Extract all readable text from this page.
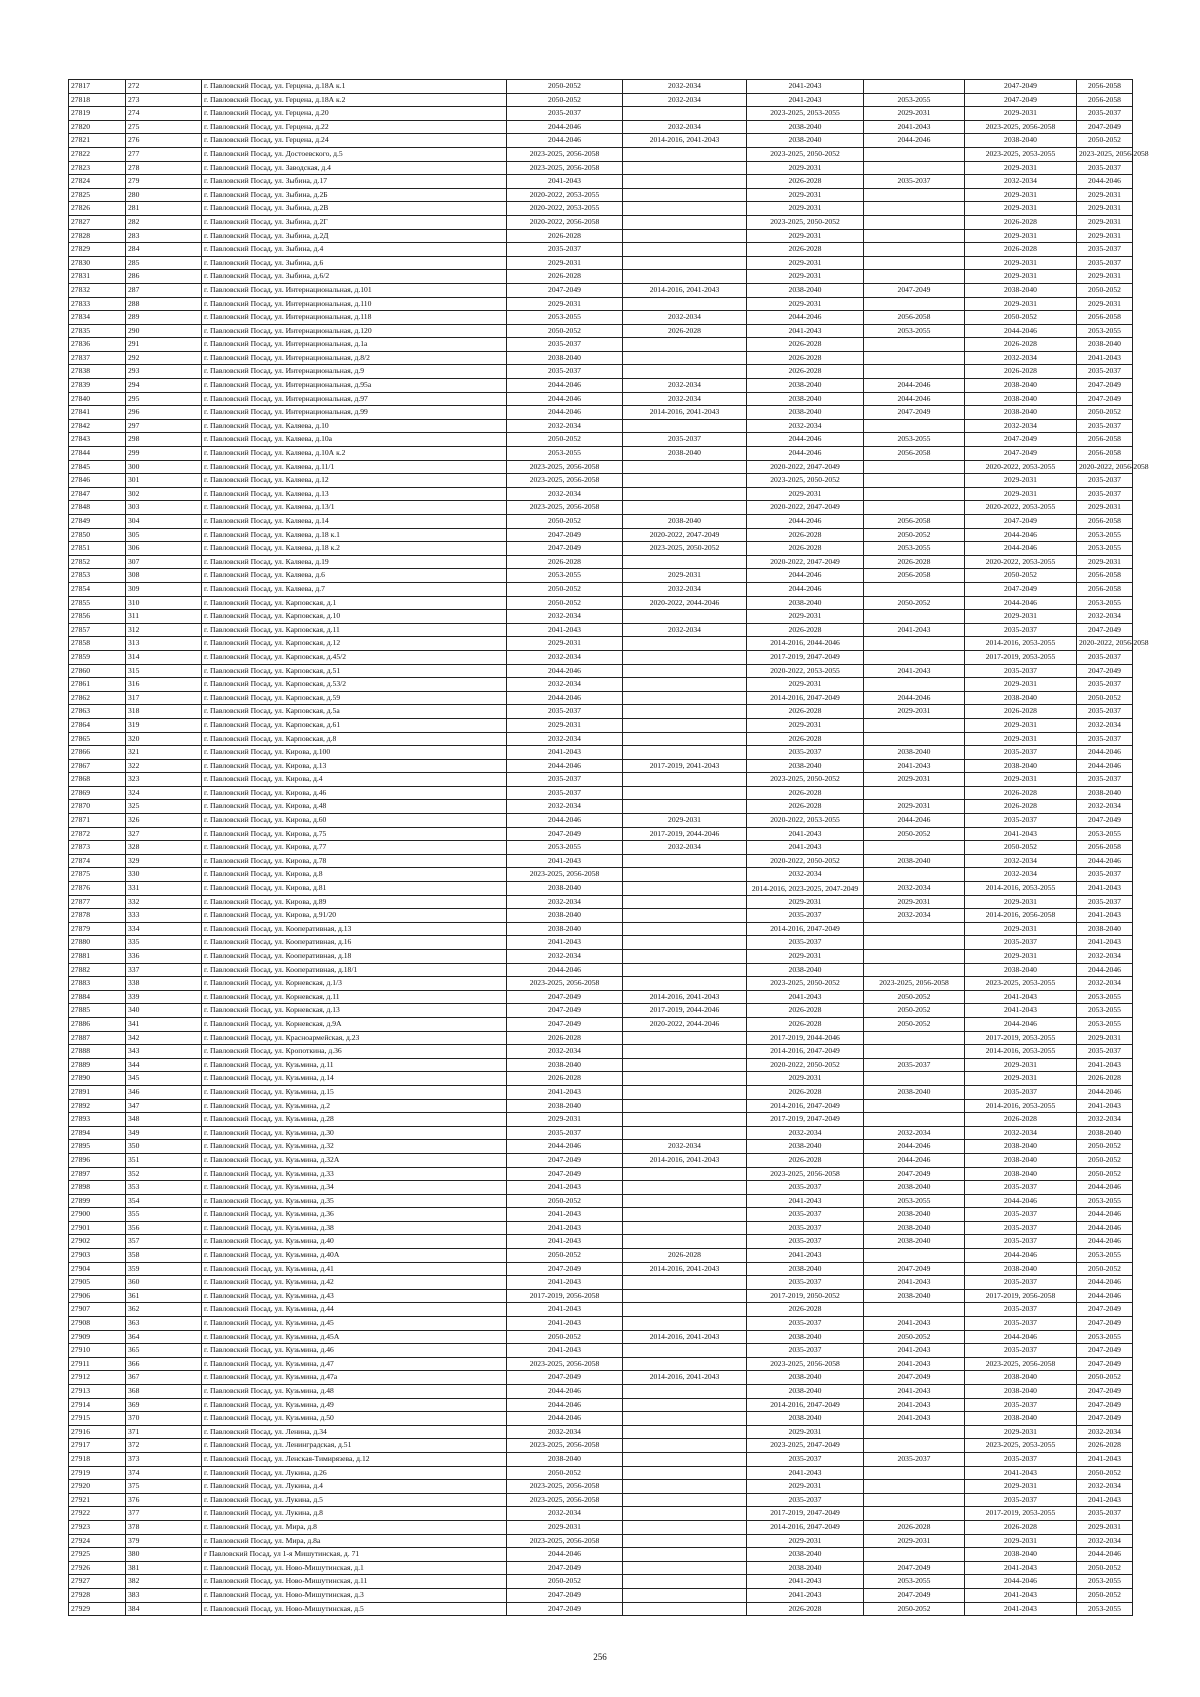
27817	272	г. Павловский Посад, ул. Герцена, д.18А к.1	2050-2052	2032-2034	2041-2043		2047-2049	2056-2058
27818	273	г. Павловский Посад, ул. Герцена, д.18А к.2	2050-2052	2032-2034	2041-2043	2053-2055	2047-2049	2056-2058
27819	274	г. Павловский Посад, ул. Герцена, д.20	2035-2037		2023-2025, 2053-2055	2029-2031	2029-2031	2035-2037
27820	275	г. Павловский Посад, ул. Герцена, д.22	2044-2046	2032-2034	2038-2040	2041-2043	2023-2025, 2056-2058	2047-2049
27821	276	г. Павловский Посад, ул. Герцена, д.24	2044-2046	2014-2016, 2041-2043	2038-2040	2044-2046	2038-2040	2050-2052
27822	277	г. Павловский Посад, ул. Достоевского, д.5	2023-2025, 2056-2058		2023-2025, 2050-2052		2023-2025, 2053-2055	2023-2025, 2056-2058
27823	278	г. Павловский Посад, ул. Заводская, д.4	2023-2025, 2056-2058		2029-2031		2029-2031	2035-2037
27824	279	г. Павловский Посад, ул. Зыбина, д.17	2041-2043		2026-2028	2035-2037	2032-2034	2044-2046
27825	280	г. Павловский Посад, ул. Зыбина, д.2Б	2020-2022, 2053-2055		2029-2031		2029-2031	2029-2031
27826	281	г. Павловский Посад, ул. Зыбина, д.2В	2020-2022, 2053-2055		2029-2031		2029-2031	2029-2031
27827	282	г. Павловский Посад, ул. Зыбина, д.2Г	2020-2022, 2056-2058		2023-2025, 2050-2052		2026-2028	2029-2031
27828	283	г. Павловский Посад, ул. Зыбина, д.2Д	2026-2028		2029-2031		2029-2031	2029-2031
27829	284	г. Павловский Посад, ул. Зыбина, д.4	2035-2037		2026-2028		2026-2028	2035-2037
27830	285	г. Павловский Посад, ул. Зыбина, д.6	2029-2031		2029-2031		2029-2031	2035-2037
27831	286	г. Павловский Посад, ул. Зыбина, д.6/2	2026-2028		2029-2031		2029-2031	2029-2031
27832	287	г. Павловский Посад, ул. Интернациональная, д.101	2047-2049	2014-2016, 2041-2043	2038-2040	2047-2049	2038-2040	2050-2052
27833	288	г. Павловский Посад, ул. Интернациональная, д.110	2029-2031		2029-2031		2029-2031	2029-2031
27834	289	г. Павловский Посад, ул. Интернациональная, д.118	2053-2055	2032-2034	2044-2046	2056-2058	2050-2052	2056-2058
27835	290	г. Павловский Посад, ул. Интернациональная, д.120	2050-2052	2026-2028	2041-2043	2053-2055	2044-2046	2053-2055
27836	291	г. Павловский Посад, ул. Интернациональная, д.1а	2035-2037		2026-2028		2026-2028	2038-2040
27837	292	г. Павловский Посад, ул. Интернациональная, д.8/2	2038-2040		2026-2028		2032-2034	2041-2043
27838	293	г. Павловский Посад, ул. Интернациональная, д.9	2035-2037		2026-2028		2026-2028	2035-2037
27839	294	г. Павловский Посад, ул. Интернациональная, д.95а	2044-2046	2032-2034	2038-2040	2044-2046	2038-2040	2047-2049
27840	295	г. Павловский Посад, ул. Интернациональная, д.97	2044-2046	2032-2034	2038-2040	2044-2046	2038-2040	2047-2049
27841	296	г. Павловский Посад, ул. Интернациональная, д.99	2044-2046	2014-2016, 2041-2043	2038-2040	2047-2049	2038-2040	2050-2052
27842	297	г. Павловский Посад, ул. Каляева, д.10	2032-2034		2032-2034		2032-2034	2035-2037
27843	298	г. Павловский Посад, ул. Каляева, д.10а	2050-2052	2035-2037	2044-2046	2053-2055	2047-2049	2056-2058
27844	299	г. Павловский Посад, ул. Каляева, д.10А к.2	2053-2055	2038-2040	2044-2046	2056-2058	2047-2049	2056-2058
27845	300	г. Павловский Посад, ул. Каляева, д.11/1	2023-2025, 2056-2058		2020-2022, 2047-2049		2020-2022, 2053-2055	2020-2022, 2056-2058
27846	301	г. Павловский Посад, ул. Каляева, д.12	2023-2025, 2056-2058		2023-2025, 2050-2052		2029-2031	2035-2037
27847	302	г. Павловский Посад, ул. Каляева, д.13	2032-2034		2029-2031		2029-2031	2035-2037
27848	303	г. Павловский Посад, ул. Каляева, д.13/1	2023-2025, 2056-2058		2020-2022, 2047-2049		2020-2022, 2053-2055	2029-2031
27849	304	г. Павловский Посад, ул. Каляева, д.14	2050-2052	2038-2040	2044-2046	2056-2058	2047-2049	2056-2058
27850	305	г. Павловский Посад, ул. Каляева, д.18 к.1	2047-2049	2020-2022, 2047-2049	2026-2028	2050-2052	2044-2046	2053-2055
27851	306	г. Павловский Посад, ул. Каляева, д.18 к.2	2047-2049	2023-2025, 2050-2052	2026-2028	2053-2055	2044-2046	2053-2055
27852	307	г. Павловский Посад, ул. Каляева, д.19	2026-2028		2020-2022, 2047-2049	2026-2028	2020-2022, 2053-2055	2029-2031
27853	308	г. Павловский Посад, ул. Каляева, д.6	2053-2055	2029-2031	2044-2046	2056-2058	2050-2052	2056-2058
27854	309	г. Павловский Посад, ул. Каляева, д.7	2050-2052	2032-2034	2044-2046		2047-2049	2056-2058
27855	310	г. Павловский Посад, ул. Карповская, д.1	2050-2052	2020-2022, 2044-2046	2038-2040	2050-2052	2044-2046	2053-2055
27856	311	г. Павловский Посад, ул. Карповская, д.10	2032-2034		2029-2031		2029-2031	2032-2034
27857	312	г. Павловский Посад, ул. Карповская, д.11	2041-2043	2032-2034	2026-2028	2041-2043	2035-2037	2047-2049
27858	313	г. Павловский Посад, ул. Карповская, д.12	2029-2031		2014-2016, 2044-2046		2014-2016, 2053-2055	2020-2022, 2056-2058
27859	314	г. Павловский Посад, ул. Карповская, д.45/2	2032-2034		2017-2019, 2047-2049		2017-2019, 2053-2055	2035-2037
27860	315	г. Павловский Посад, ул. Карповская, д.51	2044-2046		2020-2022, 2053-2055	2041-2043	2035-2037	2047-2049
27861	316	г. Павловский Посад, ул. Карповская, д.53/2	2032-2034		2029-2031		2029-2031	2035-2037
27862	317	г. Павловский Посад, ул. Карповская, д.59	2044-2046		2014-2016, 2047-2049	2044-2046	2038-2040	2050-2052
27863	318	г. Павловский Посад, ул. Карповская, д.5а	2035-2037		2026-2028	2029-2031	2026-2028	2035-2037
27864	319	г. Павловский Посад, ул. Карповская, д.61	2029-2031		2029-2031		2029-2031	2032-2034
27865	320	г. Павловский Посад, ул. Карповская, д.8	2032-2034		2026-2028		2029-2031	2035-2037
27866	321	г. Павловский Посад, ул. Кирова, д.100	2041-2043		2035-2037	2038-2040	2035-2037	2044-2046
27867	322	г. Павловский Посад, ул. Кирова, д.13	2044-2046	2017-2019, 2041-2043	2038-2040	2041-2043	2038-2040	2044-2046
27868	323	г. Павловский Посад, ул. Кирова, д.4	2035-2037		2023-2025, 2050-2052	2029-2031	2029-2031	2035-2037
27869	324	г. Павловский Посад, ул. Кирова, д.46	2035-2037		2026-2028		2026-2028	2038-2040
27870	325	г. Павловский Посад, ул. Кирова, д.48	2032-2034		2026-2028	2029-2031	2026-2028	2032-2034
27871	326	г. Павловский Посад, ул. Кирова, д.60	2044-2046	2029-2031	2020-2022, 2053-2055	2044-2046	2035-2037	2047-2049
27872	327	г. Павловский Посад, ул. Кирова, д.75	2047-2049	2017-2019, 2044-2046	2041-2043	2050-2052	2041-2043	2053-2055
27873	328	г. Павловский Посад, ул. Кирова, д.77	2053-2055	2032-2034	2041-2043		2050-2052	2056-2058
27874	329	г. Павловский Посад, ул. Кирова, д.78	2041-2043		2020-2022, 2050-2052	2038-2040	2032-2034	2044-2046
27875	330	г. Павловский Посад, ул. Кирова, д.8	2023-2025, 2056-2058		2032-2034		2032-2034	2035-2037
27876	331	г. Павловский Посад, ул. Кирова, д.81	2038-2040		2014-2016, 2023-2025, 2047-2049	2032-2034	2014-2016, 2053-2055	2041-2043
27877	332	г. Павловский Посад, ул. Кирова, д.89	2032-2034		2029-2031	2029-2031	2029-2031	2035-2037
27878	333	г. Павловский Посад, ул. Кирова, д.91/20	2038-2040		2035-2037	2032-2034	2014-2016, 2056-2058	2041-2043
27879	334	г. Павловский Посад, ул. Кооперативная, д.13	2038-2040		2014-2016, 2047-2049		2029-2031	2038-2040
27880	335	г. Павловский Посад, ул. Кооперативная, д.16	2041-2043		2035-2037		2035-2037	2041-2043
27881	336	г. Павловский Посад, ул. Кооперативная, д.18	2032-2034		2029-2031		2029-2031	2032-2034
27882	337	г. Павловский Посад, ул. Кооперативная, д.18/1	2044-2046		2038-2040		2038-2040	2044-2046
27883	338	г. Павловский Посад, ул. Корневская, д.1/3	2023-2025, 2056-2058		2023-2025, 2050-2052	2023-2025, 2056-2058	2023-2025, 2053-2055	2032-2034
27884	339	г. Павловский Посад, ул. Корневская, д.11	2047-2049	2014-2016, 2041-2043	2041-2043	2050-2052	2041-2043	2053-2055
27885	340	г. Павловский Посад, ул. Корневская, д.13	2047-2049	2017-2019, 2044-2046	2026-2028	2050-2052	2041-2043	2053-2055
27886	341	г. Павловский Посад, ул. Корневская, д.9А	2047-2049	2020-2022, 2044-2046	2026-2028	2050-2052	2044-2046	2053-2055
27887	342	г. Павловский Посад, ул. Красноармейская, д.23	2026-2028		2017-2019, 2044-2046		2017-2019, 2053-2055	2029-2031
27888	343	г. Павловский Посад, ул. Кропоткина, д.36	2032-2034		2014-2016, 2047-2049		2014-2016, 2053-2055	2035-2037
27889	344	г. Павловский Посад, ул. Кузьмина, д.11	2038-2040		2020-2022, 2050-2052	2035-2037	2029-2031	2041-2043
27890	345	г. Павловский Посад, ул. Кузьмина, д.14	2026-2028		2029-2031		2029-2031	2026-2028
27891	346	г. Павловский Посад, ул. Кузьмина, д.15	2041-2043		2026-2028	2038-2040	2035-2037	2044-2046
27892	347	г. Павловский Посад, ул. Кузьмина, д.2	2038-2040		2014-2016, 2047-2049		2014-2016, 2053-2055	2041-2043
27893	348	г. Павловский Посад, ул. Кузьмина, д.28	2029-2031		2017-2019, 2047-2049		2026-2028	2032-2034
27894	349	г. Павловский Посад, ул. Кузьмина, д.30	2035-2037		2032-2034	2032-2034	2032-2034	2038-2040
27895	350	г. Павловский Посад, ул. Кузьмина, д.32	2044-2046	2032-2034	2038-2040	2044-2046	2038-2040	2050-2052
27896	351	г. Павловский Посад, ул. Кузьмина, д.32А	2047-2049	2014-2016, 2041-2043	2026-2028	2044-2046	2038-2040	2050-2052
27897	352	г. Павловский Посад, ул. Кузьмина, д.33	2047-2049		2023-2025, 2056-2058	2047-2049	2038-2040	2050-2052
27898	353	г. Павловский Посад, ул. Кузьмина, д.34	2041-2043		2035-2037	2038-2040	2035-2037	2044-2046
27899	354	г. Павловский Посад, ул. Кузьмина, д.35	2050-2052		2041-2043	2053-2055	2044-2046	2053-2055
27900	355	г. Павловский Посад, ул. Кузьмина, д.36	2041-2043		2035-2037	2038-2040	2035-2037	2044-2046
27901	356	г. Павловский Посад, ул. Кузьмина, д.38	2041-2043		2035-2037	2038-2040	2035-2037	2044-2046
27902	357	г. Павловский Посад, ул. Кузьмина, д.40	2041-2043		2035-2037	2038-2040	2035-2037	2044-2046
27903	358	г. Павловский Посад, ул. Кузьмина, д.40А	2050-2052	2026-2028	2041-2043		2044-2046	2053-2055
27904	359	г. Павловский Посад, ул. Кузьмина, д.41	2047-2049	2014-2016, 2041-2043	2038-2040	2047-2049	2038-2040	2050-2052
27905	360	г. Павловский Посад, ул. Кузьмина, д.42	2041-2043		2035-2037	2041-2043	2035-2037	2044-2046
27906	361	г. Павловский Посад, ул. Кузьмина, д.43	2017-2019, 2056-2058		2017-2019, 2050-2052	2038-2040	2017-2019, 2056-2058	2044-2046
27907	362	г. Павловский Посад, ул. Кузьмина, д.44	2041-2043		2026-2028		2035-2037	2047-2049
27908	363	г. Павловский Посад, ул. Кузьмина, д.45	2041-2043		2035-2037	2041-2043	2035-2037	2047-2049
27909	364	г. Павловский Посад, ул. Кузьмина, д.45А	2050-2052	2014-2016, 2041-2043	2038-2040	2050-2052	2044-2046	2053-2055
27910	365	г. Павловский Посад, ул. Кузьмина, д.46	2041-2043		2035-2037	2041-2043	2035-2037	2047-2049
27911	366	г. Павловский Посад, ул. Кузьмина, д.47	2023-2025, 2056-2058		2023-2025, 2056-2058	2041-2043	2023-2025, 2056-2058	2047-2049
27912	367	г. Павловский Посад, ул. Кузьмина, д.47а	2047-2049	2014-2016, 2041-2043	2038-2040	2047-2049	2038-2040	2050-2052
27913	368	г. Павловский Посад, ул. Кузьмина, д.48	2044-2046		2038-2040	2041-2043	2038-2040	2047-2049
27914	369	г. Павловский Посад, ул. Кузьмина, д.49	2044-2046		2014-2016, 2047-2049	2041-2043	2035-2037	2047-2049
27915	370	г. Павловский Посад, ул. Кузьмина, д.50	2044-2046		2038-2040	2041-2043	2038-2040	2047-2049
27916	371	г. Павловский Посад, ул. Ленина, д.34	2032-2034		2029-2031		2029-2031	2032-2034
27917	372	г. Павловский Посад, ул. Ленинградская, д.51	2023-2025, 2056-2058		2023-2025, 2047-2049		2023-2025, 2053-2055	2026-2028
27918	373	г. Павловский Посад, ул. Ленская-Тимирязева, д.12	2038-2040		2035-2037	2035-2037	2035-2037	2041-2043
27919	374	г. Павловский Посад, ул. Лукина, д.26	2050-2052		2041-2043		2041-2043	2050-2052
27920	375	г. Павловский Посад, ул. Лукина, д.4	2023-2025, 2056-2058		2029-2031		2029-2031	2032-2034
27921	376	г. Павловский Посад, ул. Лукина, д.5	2023-2025, 2056-2058		2035-2037		2035-2037	2041-2043
27922	377	г. Павловский Посад, ул. Лукина, д.8	2032-2034		2017-2019, 2047-2049		2017-2019, 2053-2055	2035-2037
27923	378	г. Павловский Посад, ул. Мира, д.8	2029-2031		2014-2016, 2047-2049	2026-2028	2026-2028	2029-2031
27924	379	г. Павловский Посад, ул. Мира, д.8а	2023-2025, 2056-2058		2029-2031	2029-2031	2029-2031	2032-2034
27925	380	г Павловский Посад, ул 1-я Мишутинская, д. 71	2044-2046		2038-2040		2038-2040	2044-2046
27926	381	г. Павловский Посад, ул. Ново-Мишутинская, д.1	2047-2049		2038-2040	2047-2049	2041-2043	2050-2052
27927	382	г. Павловский Посад, ул. Ново-Мишутинская, д.11	2050-2052		2041-2043	2053-2055	2044-2046	2053-2055
27928	383	г. Павловский Посад, ул. Ново-Мишутинская, д.3	2047-2049		2041-2043	2047-2049	2041-2043	2050-2052
27929	384	г. Павловский Посад, ул. Ново-Мишутинская, д.5	2047-2049		2026-2028	2050-2052	2041-2043	2053-2055
256
